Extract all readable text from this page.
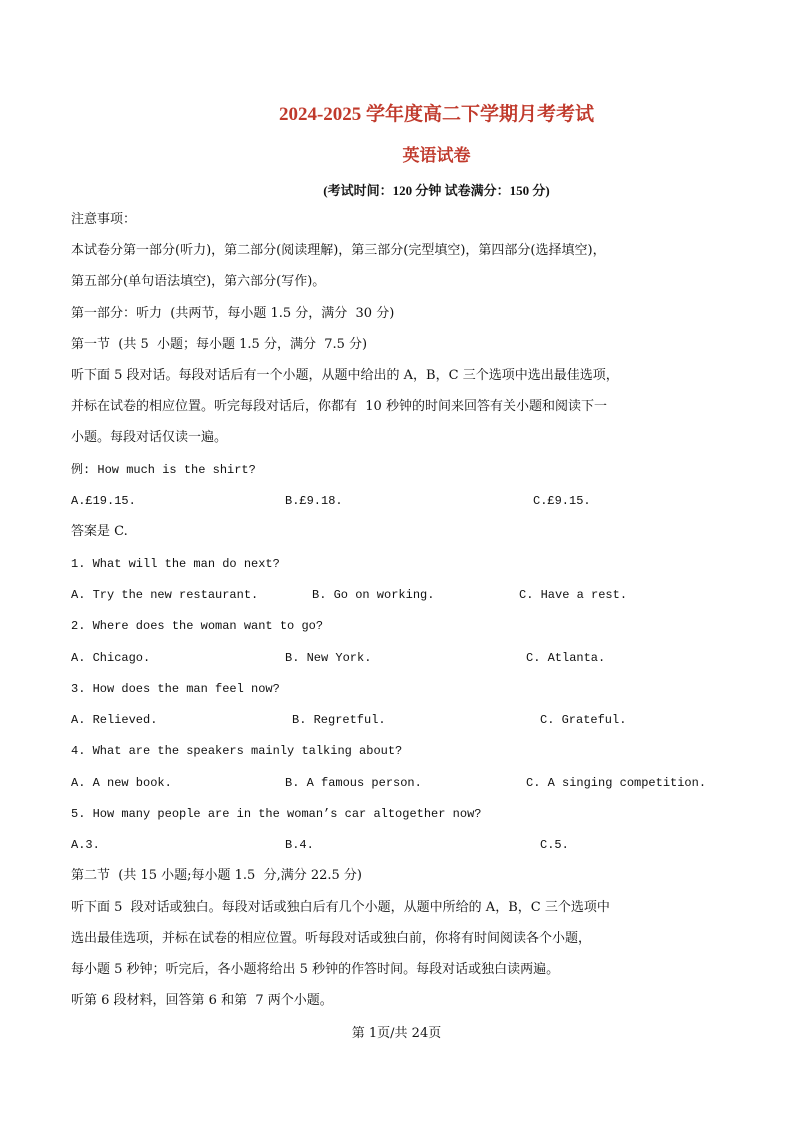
2024-2025 学年度高二下学期月考考试
英语试卷
(考试时间：120 分钟 试卷满分：150 分)
注意事项：
本试卷分第一部分(听力)，第二部分(阅读理解)，第三部分(完型填空)，第四部分(选择填空)，
第五部分(单句语法填空)，第六部分(写作)。
第一部分：听力  (共两节，每小题 1.5 分，满分  30 分)
第一节  (共 5  小题；每小题 1.5 分，满分  7.5 分)
听下面 5 段对话。每段对话后有一个小题，从题中给出的 A，B，C 三个选项中选出最佳选项，
并标在试卷的相应位置。听完每段对话后，你都有  10 秒钟的时间来回答有关小题和阅读下一
小题。每段对话仅读一遍。
例: How much is the shirt?
A.£19.15.	B.£9.18.	C.£9.15.
答案是 C.
1. What will the man do next?
A. Try the new restaurant.	B. Go on working.	C. Have a rest.
2. Where does the woman want to go?
A. Chicago.	B. New York.	C. Atlanta.
3. How does the man feel now?
A. Relieved.	B. Regretful.	C. Grateful.
4. What are the speakers mainly talking about?
A. A new book.	B. A famous person.	C. A singing competition.
5. How many people are in the woman’s car altogether now?
A.3.	B.4.	C.5.
第二节  (共 15 小题;每小题 1.5  分,满分 22.5 分)
听下面 5  段对话或独白。每段对话或独白后有几个小题，从题中所给的 A，B，C 三个选项中
选出最佳选项，并标在试卷的相应位置。听每段对话或独白前，你将有时间阅读各个小题，
每小题 5 秒钟；听完后，各小题将给出 5 秒钟的作答时间。每段对话或独白读两遍。
听第 6 段材料，回答第 6 和第  7 两个小题。
第 1页/共 24页
